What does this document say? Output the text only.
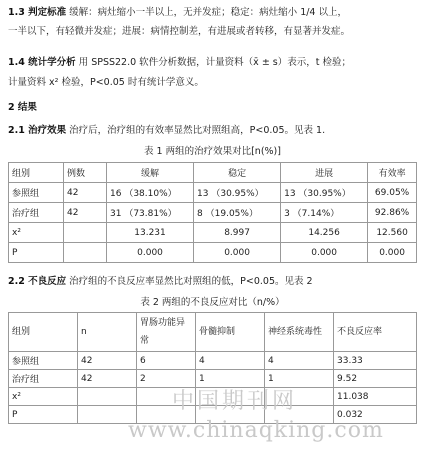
1.3 判定标准 缓解：病灶缩小一半以上，无并发症；稳定：病灶缩小 1/4 以上，
一半以下，有轻微并发症；进展：病情控制差，有进展或者转移，有显著并发症。
1.4 统计学分析 用 SPSS22.0 软件分析数据，计量资料（x̄ ± s）表示，t 检验；
计量资料 x² 检验，P<0.05 时有统计学意义。
2 结果
2.1 治疗效果 治疗后，治疗组的有效率显然比对照组高，P<0.05。见表 1.
表 1 两组的治疗效果对比[n(%)]
组别	例数	缓解	稳定	进展	有效率
参照组	42	16 （38.10%）	13 （30.95%）	13 （30.95%）	69.05%
治疗组	42	31 （73.81%）	8 （19.05%）	3 （7.14%）	92.86%
x²		13.231	8.997	14.256	12.560
P		0.000	0.000	0.000	0.000
2.2 不良反应 治疗组的不良反应率显然比对照组的低，P<0.05。见表 2
表 2 两组的不良反应对比（n/%）
组别	n	胃肠功能异常	骨髓抑制	神经系统毒性	不良反应率
参照组	42	6	4	4	33.33
治疗组	42	2	1	1	9.52
x²					11.038
P					0.032
中国期刊网
www.chinaqking.com
